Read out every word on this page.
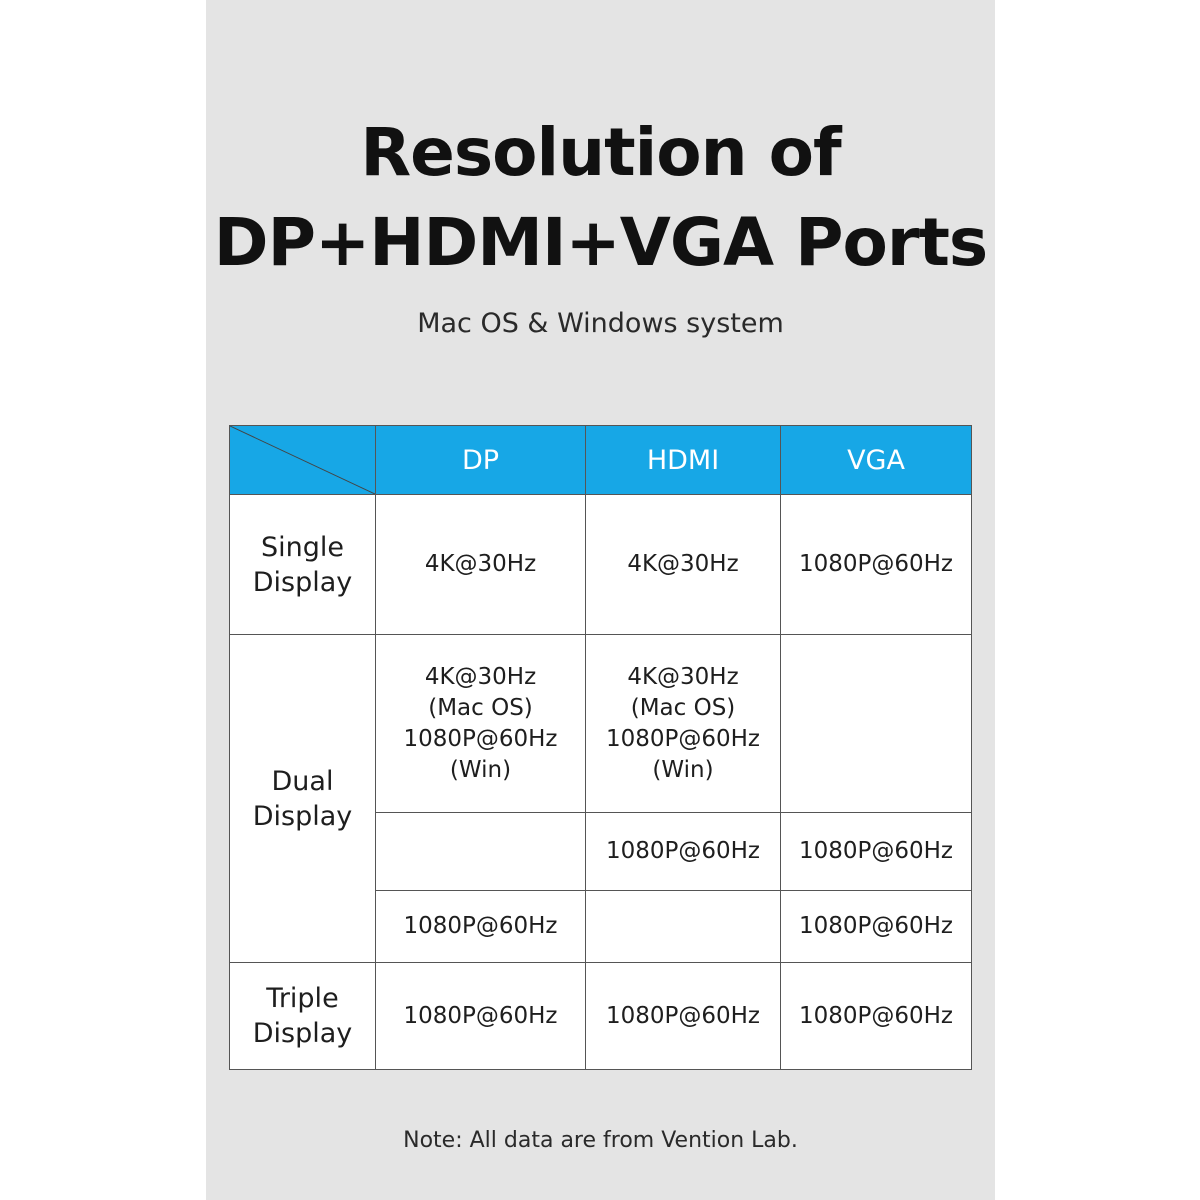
Resolution of
DP+HDMI+VGA Ports
Mac OS & Windows system
	DP	HDMI	VGA

Single
Display	4K@30Hz	4K@30Hz	1080P@60Hz

Dual
Display	4K@30Hz
(Mac OS)
1080P@60Hz
(Win)	4K@30Hz
(Mac OS)
1080P@60Hz
(Win)	

		1080P@60Hz	1080P@60Hz
	1080P@60Hz		1080P@60Hz

Triple
Display	1080P@60Hz	1080P@60Hz	1080P@60Hz
Note: All data are from Vention Lab.
